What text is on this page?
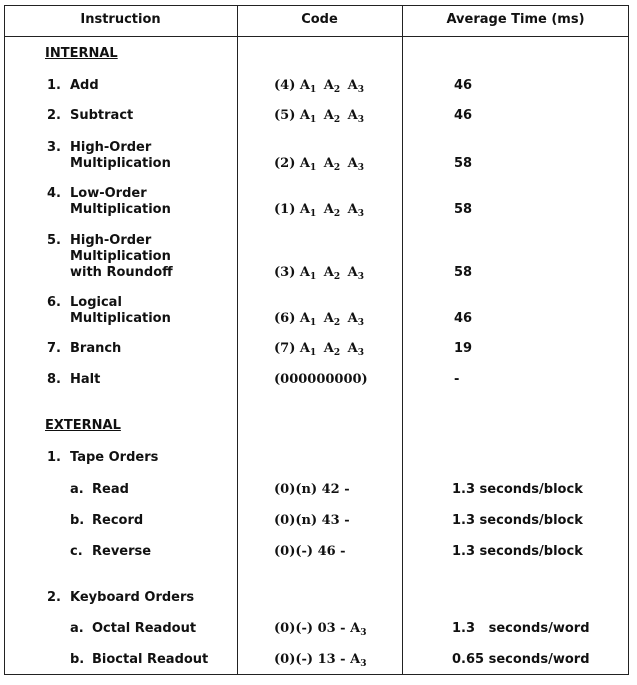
Instruction	Code	Average Time (ms)
INTERNAL
1. Add	(4) $A_1$ $A_2$ $A_3$	46
2. Subtract	(5) $A_1$ $A_2$ $A_3$	46
3. High-Order
Multiplication	(2) $A_1$ $A_2$ $A_3$	58
4. Low-Order
Multiplication	(1) $A_1$ $A_2$ $A_3$	58
5. High-Order
Multiplication
with Roundoff	(3) $A_1$ $A_2$ $A_3$	58
6. Logical
Multiplication	(6) $A_1$ $A_2$ $A_3$	46
7. Branch	(7) $A_1$ $A_2$ $A_3$	19
8. Halt	(000000000)	-
EXTERNAL
1. Tape Orders
a. Read	(0)(n) 42 -	1.3 seconds/block
b. Record	(0)(n) 43 -	1.3 seconds/block
c. Reverse	(0)(-) 46 -	1.3 seconds/block
2. Keyboard Orders
a. Octal Readout	(0)(-) $03 - A_3$	1.3   seconds/word
b. Bioctal Readout	(0)(-) $13 - A_3$	0.65 seconds/word
